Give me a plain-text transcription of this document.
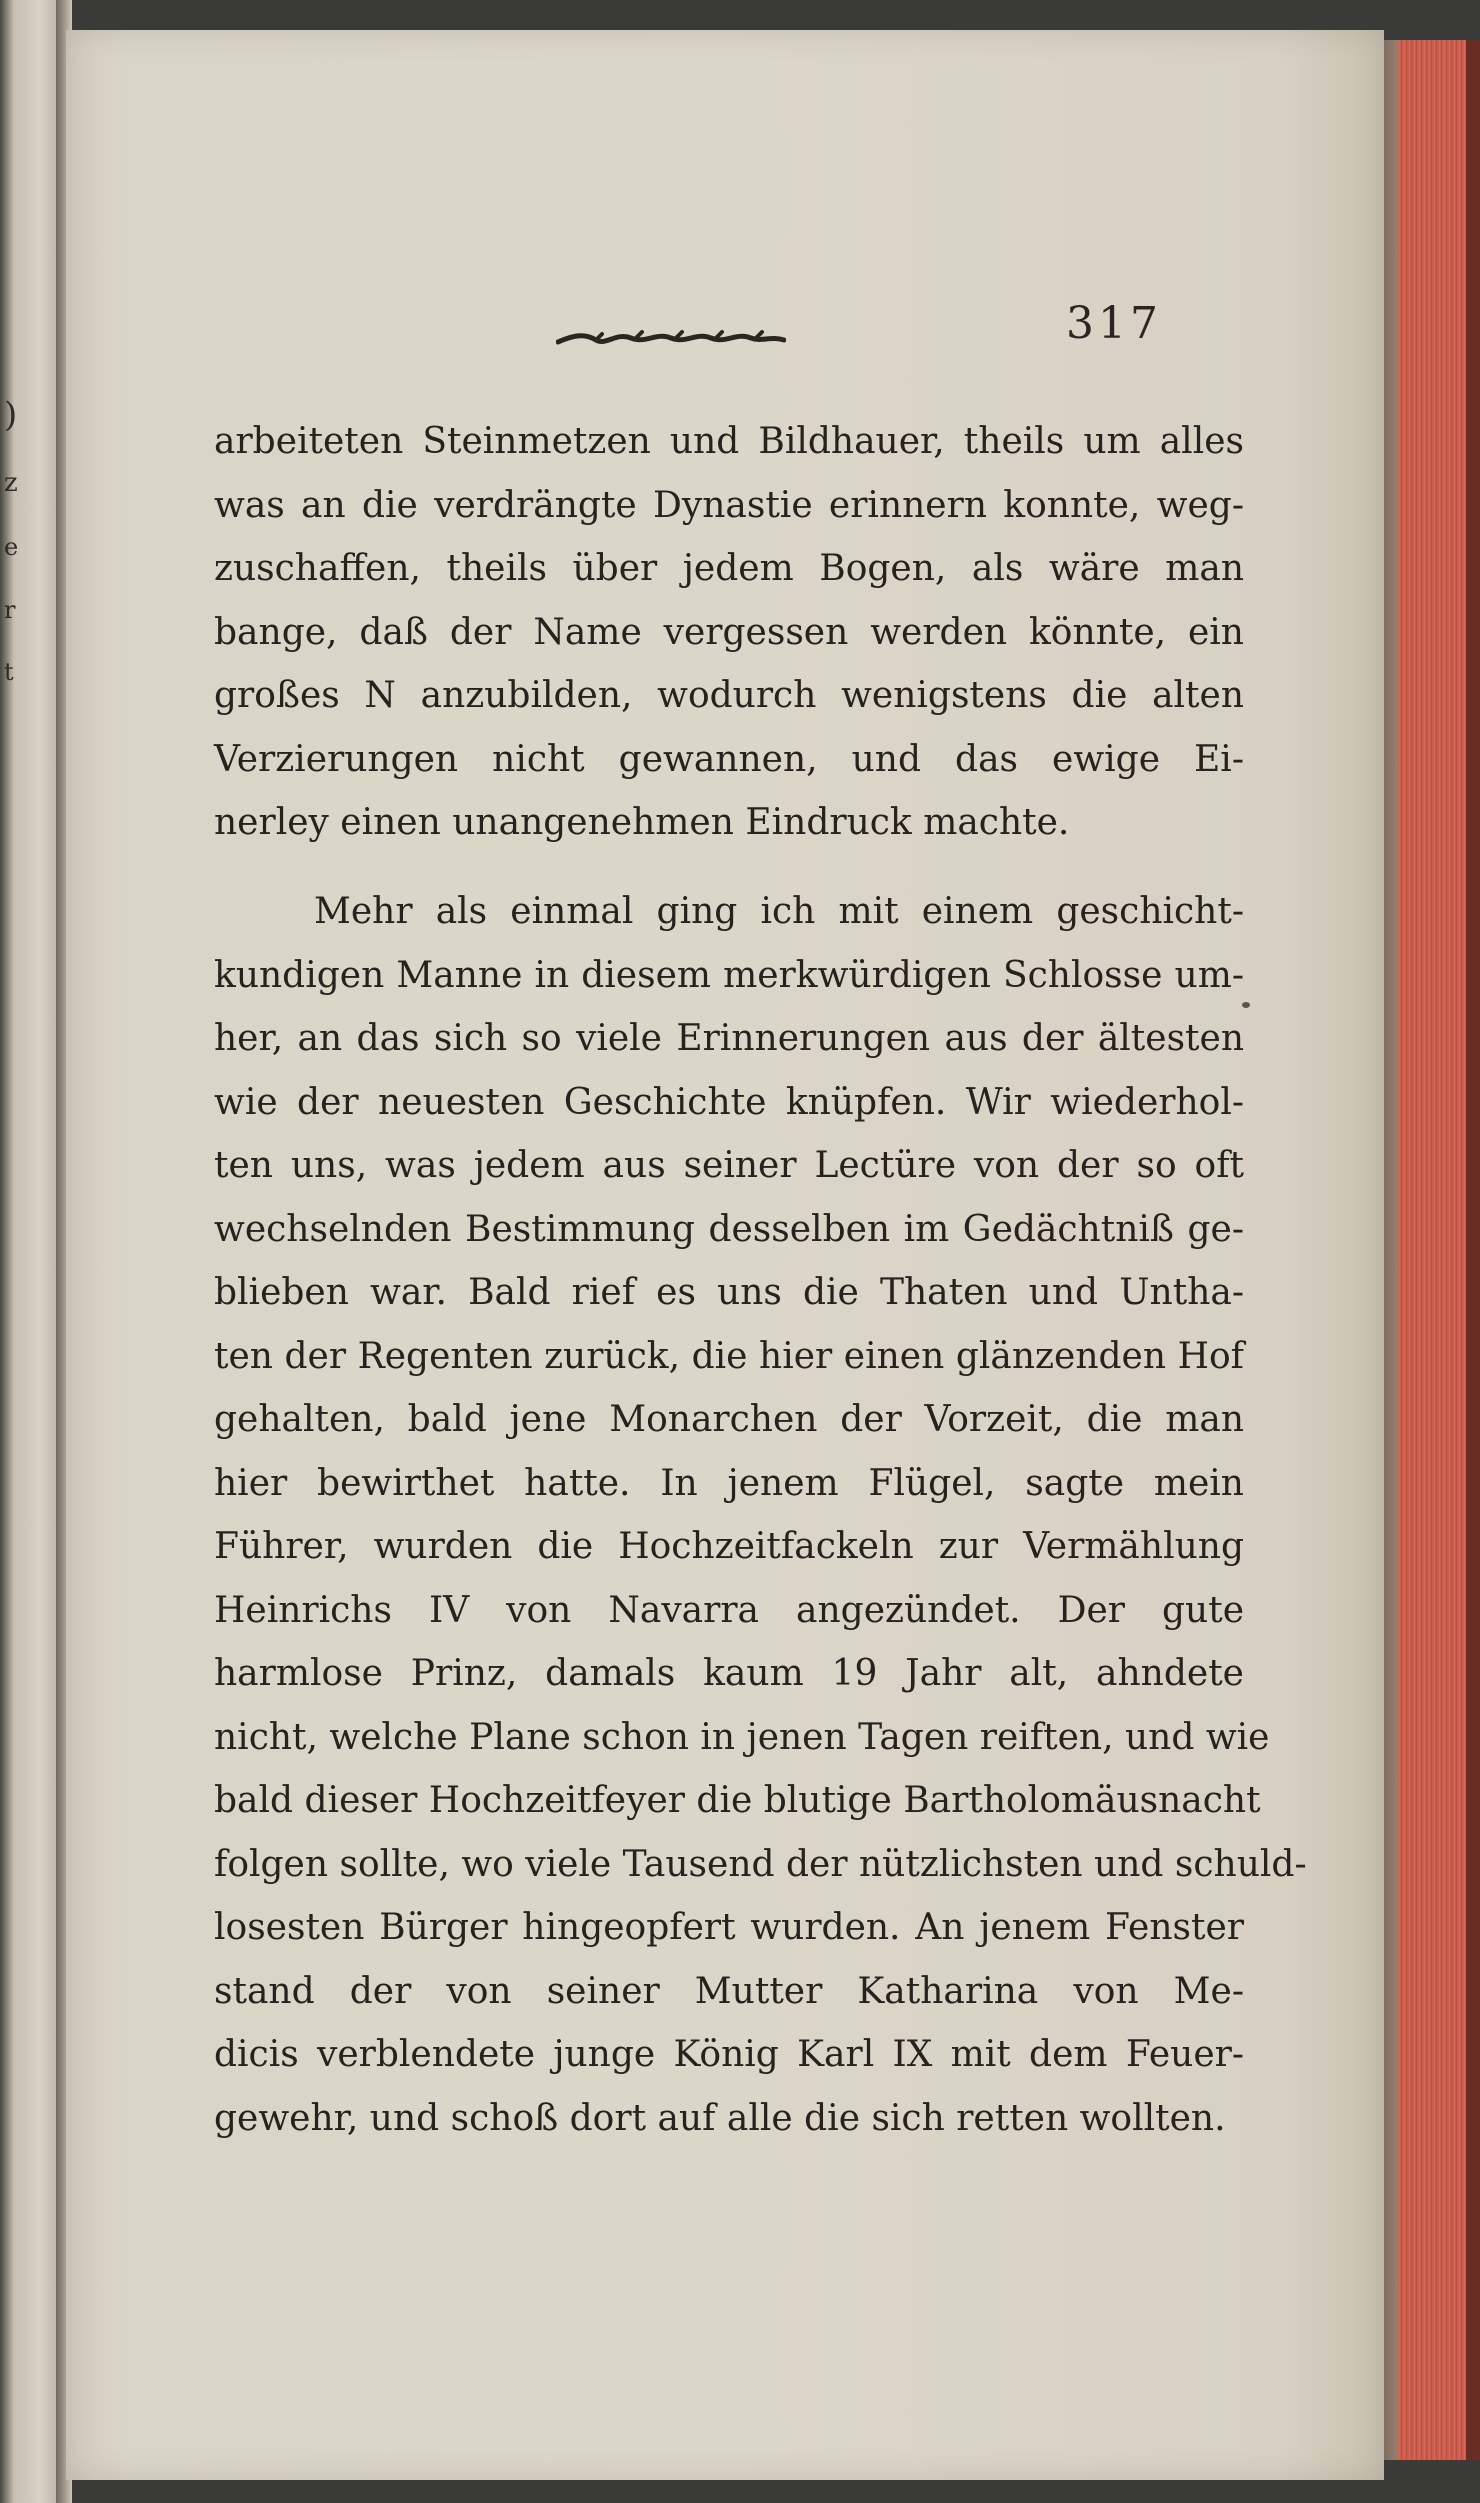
)
z
e
r
t
317
arbeiteten Steinmetzen und Bildhauer, theils um alles
was an die verdrängte Dynastie erinnern konnte, weg-
zuschaffen, theils über jedem Bogen, als wäre man
bange, daß der Name vergessen werden könnte, ein
großes N anzubilden, wodurch wenigstens die alten
Verzierungen nicht gewannen, und das ewige Ei-
nerley einen unangenehmen Eindruck machte.
Mehr als einmal ging ich mit einem geschicht-
kundigen Manne in diesem merkwürdigen Schlosse um-
her, an das sich so viele Erinnerungen aus der ältesten
wie der neuesten Geschichte knüpfen. Wir wiederhol-
ten uns, was jedem aus seiner Lectüre von der so oft
wechselnden Bestimmung desselben im Gedächtniß ge-
blieben war. Bald rief es uns die Thaten und Untha-
ten der Regenten zurück, die hier einen glänzenden Hof
gehalten, bald jene Monarchen der Vorzeit, die man
hier bewirthet hatte. In jenem Flügel, sagte mein
Führer, wurden die Hochzeitfackeln zur Vermählung
Heinrichs IV von Navarra angezündet. Der gute
harmlose Prinz, damals kaum 19 Jahr alt, ahndete
nicht, welche Plane schon in jenen Tagen reiften, und wie
bald dieser Hochzeitfeyer die blutige Bartholomäusnacht
folgen sollte, wo viele Tausend der nützlichsten und schuld-
losesten Bürger hingeopfert wurden. An jenem Fenster
stand der von seiner Mutter Katharina von Me-
dicis verblendete junge König Karl IX mit dem Feuer-
gewehr, und schoß dort auf alle die sich retten wollten.
